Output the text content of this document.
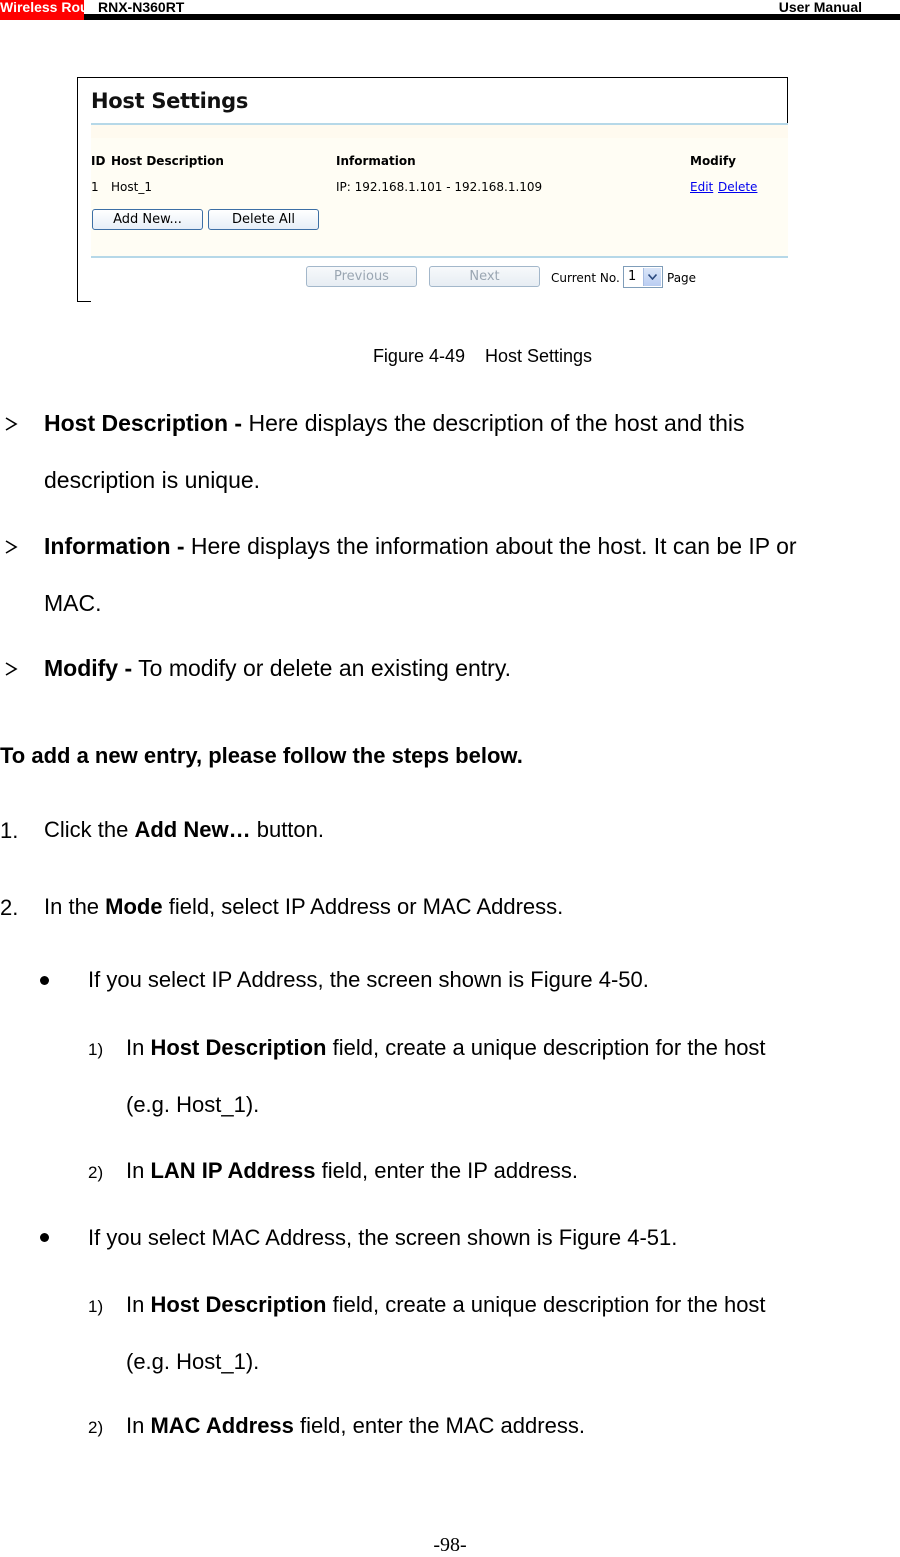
Wireless Router
RNX-N360RT	User Manual
Host Settings
ID Host Description	Information	Modify
1 Host_1	IP: 192.168.1.101 - 192.168.1.109	Edit Delete
Add New...	Delete All
Previous	Next	Current No. 1	Page
Figure 4-49    Host Settings
Host Description - Here displays the description of the host and this
description is unique.
Information - Here displays the information about the host. It can be IP or
MAC.
Modify - To modify or delete an existing entry.
To add a new entry, please follow the steps below.
1. Click the Add New… button.
2. In the Mode field, select IP Address or MAC Address.
If you select IP Address, the screen shown is Figure 4-50.
1) In Host Description field, create a unique description for the host
(e.g. Host_1).
2) In LAN IP Address field, enter the IP address.
If you select MAC Address, the screen shown is Figure 4-51.
1) In Host Description field, create a unique description for the host
(e.g. Host_1).
2) In MAC Address field, enter the MAC address.
-98-
